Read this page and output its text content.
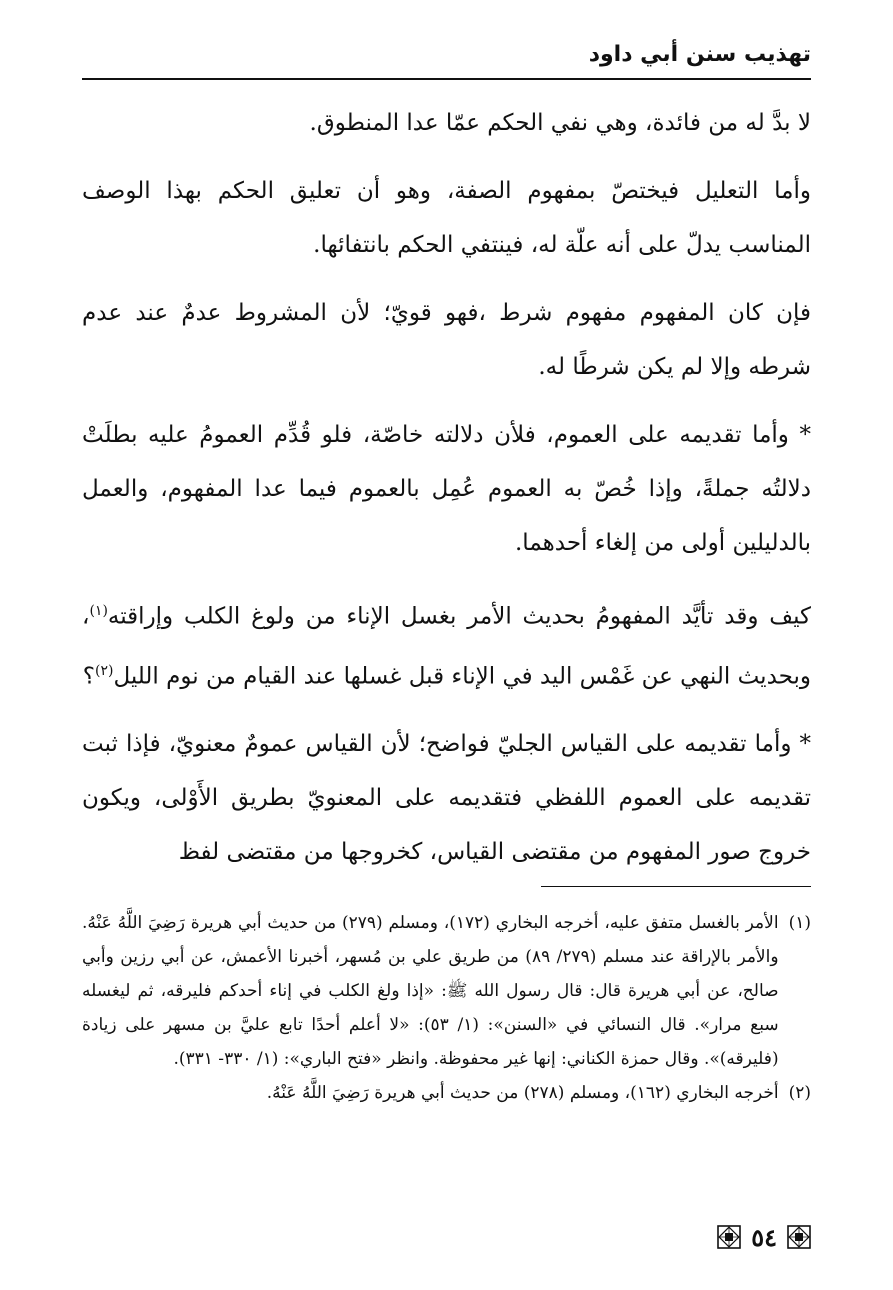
تهذيب سنن أبي داود

لا بدَّ له من فائدة، وهي نفي الحكم عمّا عدا المنطوق.

وأما التعليل فيختصّ بمفهوم الصفة، وهو أن تعليق الحكم بهذا الوصف المناسب يدلّ على أنه علّة له، فينتفي الحكم بانتفائها.

فإن كان المفهوم مفهوم شرط ،فهو قويّ؛ لأن المشروط عدمٌ عند عدم شرطه وإلا لم يكن شرطًا له.

* وأما تقديمه على العموم، فلأن دلالته خاصّة، فلو قُدِّم العمومُ عليه بطلَتْ دلالتُه جملةً، وإذا خُصّ به العموم عُمِل بالعموم فيما عدا المفهوم، والعمل بالدليلين أولى من إلغاء أحدهما.

كيف وقد تأيَّد المفهومُ بحديث الأمر بغسل الإناء من ولوغ الكلب وإراقته$^{(١)}$، وبحديث النهي عن غَمْس اليد في الإناء قبل غسلها عند القيام من نوم الليل$^{(٢)}$؟

* وأما تقديمه على القياس الجليّ فواضح؛ لأن القياس عمومٌ معنويّ، فإذا ثبت تقديمه على العموم اللفظي فتقديمه على المعنويّ بطريق الأَوْلى، ويكون خروج صور المفهوم من مقتضى القياس، كخروجها من مقتضى لفظ

(١)
الأمر بالغسل متفق عليه، أخرجه البخاري (١٧٢)، ومسلم (٢٧٩) من حديث أبي هريرة رَضِيَ اللَّهُ عَنْهُ. والأمر بالإراقة عند مسلم (٢٧٩/ ٨٩) من طريق علي بن مُسهر، أخبرنا الأعمش، عن أبي رزين وأبي صالح، عن أبي هريرة قال: قال رسول الله ﷺ: «إذا ولغ الكلب في إناء أحدكم فليرقه، ثم ليغسله سبع مرار». قال النسائي في «السنن»: (١/ ٥٣): «لا أعلم أحدًا تابع عليَّ بن مسهر على زيادة (فليرقه)». وقال حمزة الكناني: إنها غير محفوظة. وانظر «فتح الباري»: (١/ ٣٣٠- ٣٣١).
(٢)
أخرجه البخاري (١٦٢)، ومسلم (٢٧٨) من حديث أبي هريرة رَضِيَ اللَّهُ عَنْهُ.
٥٤
